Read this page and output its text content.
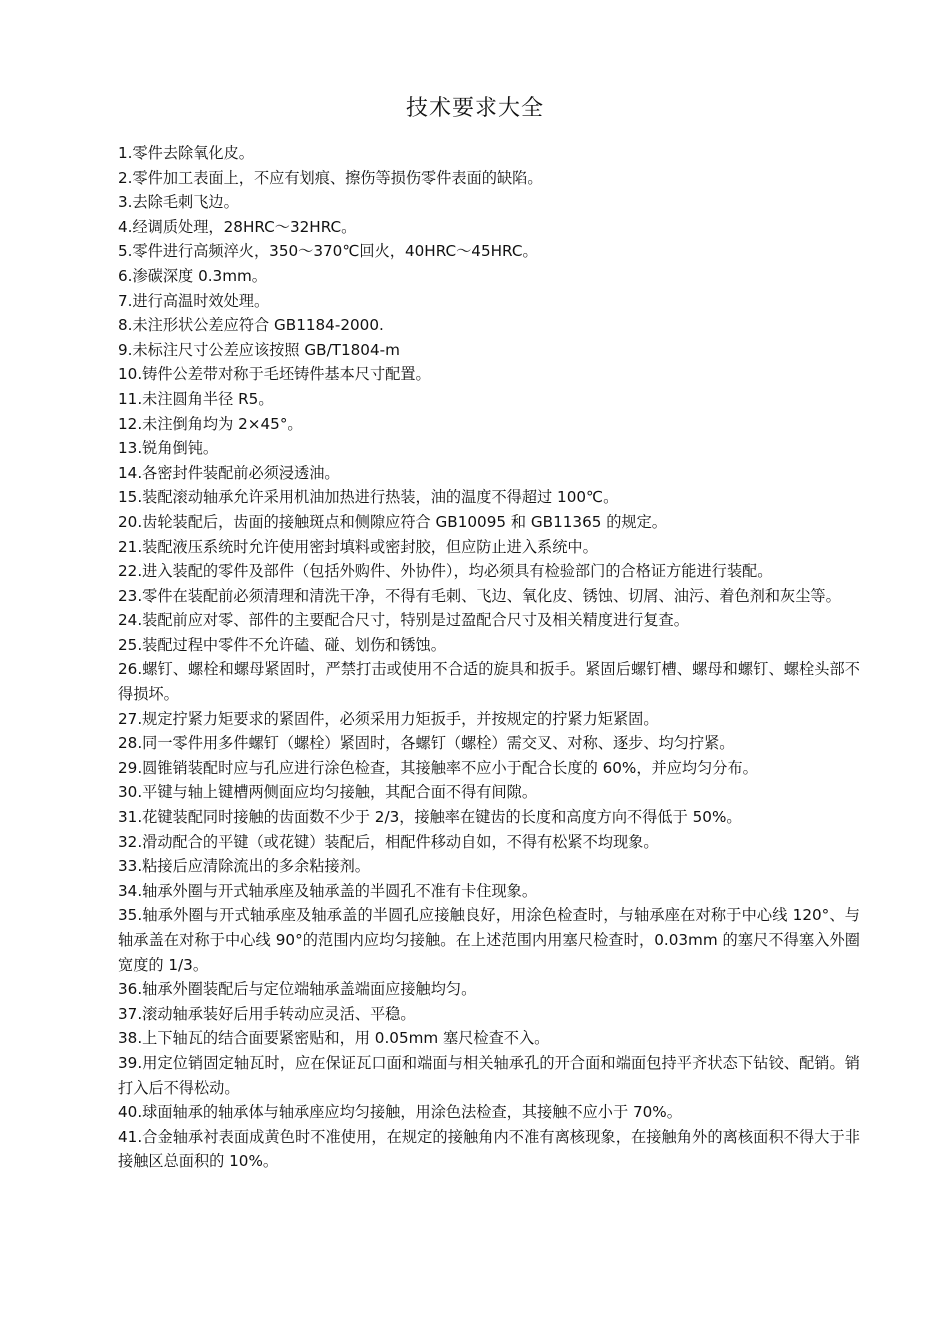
技术要求大全
1.零件去除氧化皮。
2.零件加工表面上，不应有划痕、擦伤等损伤零件表面的缺陷。
3.去除毛刺飞边。
4.经调质处理，28HRC～32HRC。
5.零件进行高频淬火，350～370℃回火，40HRC～45HRC。
6.渗碳深度 0.3mm。
7.进行高温时效处理。
8.未注形状公差应符合 GB1184-2000.
9.未标注尺寸公差应该按照 GB/T1804-m
10.铸件公差带对称于毛坯铸件基本尺寸配置。
11.未注圆角半径 R5。
12.未注倒角均为 2×45°。
13.锐角倒钝。
14.各密封件装配前必须浸透油。
15.装配滚动轴承允许采用机油加热进行热装，油的温度不得超过 100℃。
20.齿轮装配后，齿面的接触斑点和侧隙应符合 GB10095 和 GB11365 的规定。
21.装配液压系统时允许使用密封填料或密封胶，但应防止进入系统中。
22.进入装配的零件及部件（包括外购件、外协件），均必须具有检验部门的合格证方能进行装配。
23.零件在装配前必须清理和清洗干净，不得有毛刺、飞边、氧化皮、锈蚀、切屑、油污、着色剂和灰尘等。
24.装配前应对零、部件的主要配合尺寸，特别是过盈配合尺寸及相关精度进行复查。
25.装配过程中零件不允许磕、碰、划伤和锈蚀。
26.螺钉、螺栓和螺母紧固时，严禁打击或使用不合适的旋具和扳手。紧固后螺钉槽、螺母和螺钉、螺栓头部不得损坏。
27.规定拧紧力矩要求的紧固件，必须采用力矩扳手，并按规定的拧紧力矩紧固。
28.同一零件用多件螺钉（螺栓）紧固时，各螺钉（螺栓）需交叉、对称、逐步、均匀拧紧。
29.圆锥销装配时应与孔应进行涂色检查，其接触率不应小于配合长度的 60%，并应均匀分布。
30.平键与轴上键槽两侧面应均匀接触，其配合面不得有间隙。
31.花键装配同时接触的齿面数不少于 2/3，接触率在键齿的长度和高度方向不得低于 50%。
32.滑动配合的平键（或花键）装配后，相配件移动自如，不得有松紧不均现象。
33.粘接后应清除流出的多余粘接剂。
34.轴承外圈与开式轴承座及轴承盖的半圆孔不准有卡住现象。
35.轴承外圈与开式轴承座及轴承盖的半圆孔应接触良好，用涂色检查时，与轴承座在对称于中心线 120°、与轴承盖在对称于中心线 90°的范围内应均匀接触。在上述范围内用塞尺检查时，0.03mm 的塞尺不得塞入外圈宽度的 1/3。
36.轴承外圈装配后与定位端轴承盖端面应接触均匀。
37.滚动轴承装好后用手转动应灵活、平稳。
38.上下轴瓦的结合面要紧密贴和，用 0.05mm 塞尺检查不入。
39.用定位销固定轴瓦时，应在保证瓦口面和端面与相关轴承孔的开合面和端面包持平齐状态下钻铰、配销。销打入后不得松动。
40.球面轴承的轴承体与轴承座应均匀接触，用涂色法检查，其接触不应小于 70%。
41.合金轴承衬表面成黄色时不准使用，在规定的接触角内不准有离核现象，在接触角外的离核面积不得大于非接触区总面积的 10%。
